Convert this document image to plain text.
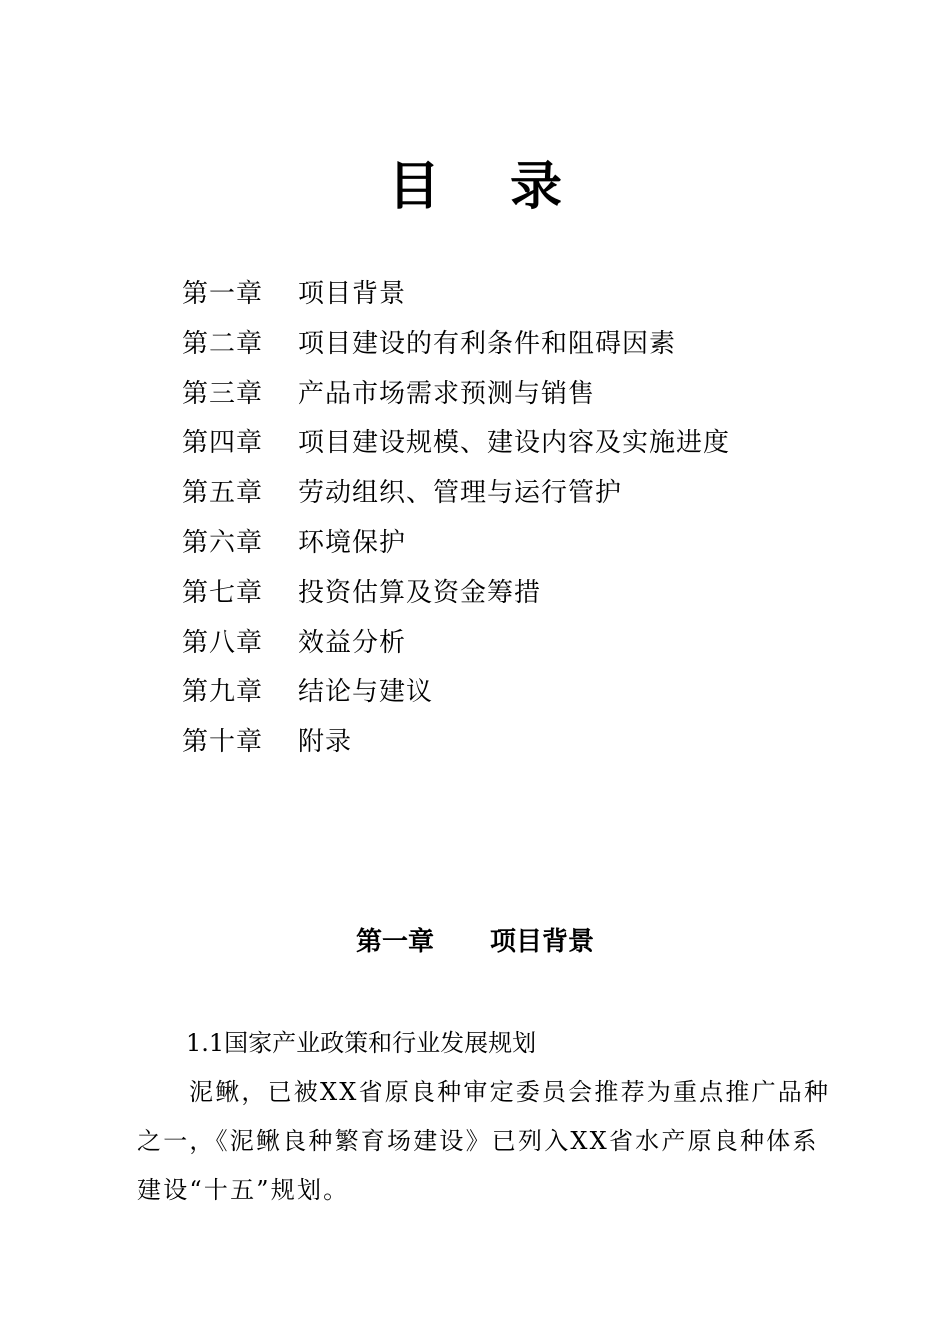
目 录
第一章 项目背景
第二章 项目建设的有利条件和阻碍因素
第三章 产品市场需求预测与销售
第四章 项目建设规模、建设内容及实施进度
第五章 劳动组织、管理与运行管护
第六章 环境保护
第七章 投资估算及资金筹措
第八章 效益分析
第九章 结论与建议
第十章 附录
第一章 项目背景
1.1国家产业政策和行业发展规划

泥鳅，已被XX省原良种审定委员会推荐为重点推广品种之一，《泥鳅良种繁育场建设》已列入XX省水产原良种体系建设“十五”规划。
